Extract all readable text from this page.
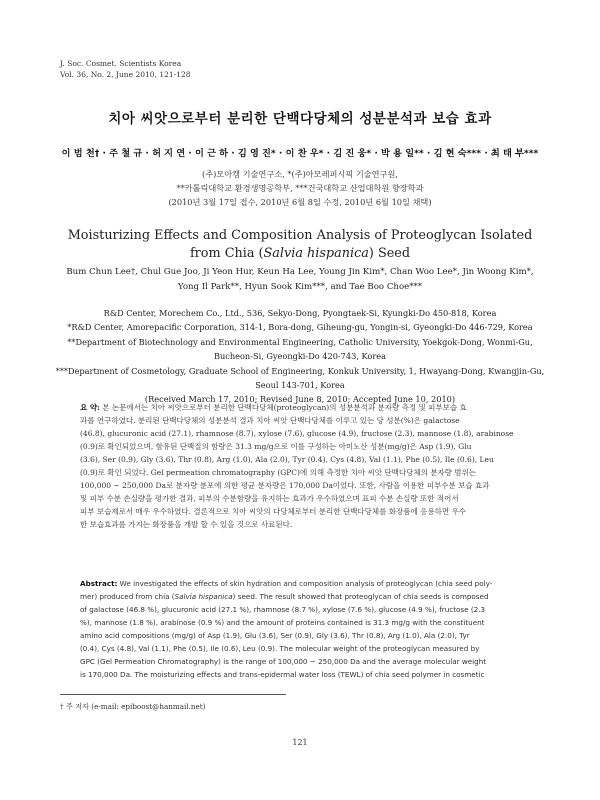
J. Soc. Cosmet. Scientists Korea
Vol. 36, No. 2, June 2010, 121-128
치아 씨앗으로부터 분리한 단백다당체의 성분분석과 보습 효과
이 범 천† · 주 철 규 · 허 지 연 · 이 근 하 · 김 영 진* · 이 찬 우* · 김 진 웅* · 박 용 일** · 김 현 숙*** · 최 태 부***
(주)모아캠 기술연구소, *(주)아모레퍼시픽 기술연구원,
**카톨릭대학교 환경생명공학부, ***건국대학교 산업대학원 향장학과
(2010년 3월 17일 접수, 2010년 6월 8일 수정, 2010년 6월 10일 채택)
Moisturizing Effects and Composition Analysis of Proteoglycan Isolated
from Chia (Salvia hispanica) Seed
Bum Chun Lee†, Chul Gue Joo, Ji Yeon Hur, Keun Ha Lee, Young Jin Kim*, Chan Woo Lee*, Jin Woong Kim*,
Yong Il Park**, Hyun Sook Kim***, and Tae Boo Choe***
R&D Center, Morechem Co., Ltd., 536, Sekyo-Dong, Pyongtaek-Si, Kyungki-Do 450-818, Korea
*R&D Center, Amorepacific Corporation, 314-1, Bora-dong, Giheung-gu, Yongin-si, Gyeongki-Do 446-729, Korea
**Department of Biotechnology and Environmental Engineering, Catholic University, Yoekgok-Dong, Wonmi-Gu,
Bucheon-Si, Gyeongki-Do 420-743, Korea
***Department of Cosmetology, Graduate School of Engineering, Konkuk University, 1, Hwayang-Dong, Kwangjin-Gu,
Seoul 143-701, Korea
(Received March 17, 2010; Revised June 8, 2010; Accepted June 10, 2010)
요 약: 본 논문에서는 치아 씨앗으로부터 분리한 단백다당체(proteoglycan)의 성분분석과 분자량 측정 및 피부보습 효
과를 연구하였다. 분리된 단백다당체의 성분분석 결과 치아 씨앗 단백다당체를 이루고 있는 당 성분(%)은 galactose
(46.8), glucuronic acid (27.1), rhamnose (8.7), xylose (7.6), glucose (4.9), fructose (2.3), mannose (1.8), arabinose
(0.9)로 확인되었으며, 함유된 단백질의 함량은 31.3 mg/g으로 이를 구성하는 아미노산 성분(mg/g)은 Asp (1.9), Glu
(3.6), Ser (0.9), Gly (3.6), Thr (0.8), Arg (1.0), Ala (2.0), Tyr (0.4), Cys (4.8), Val (1.1), Phe (0.5), Ile (0.6), Leu
(0.9)로 확인 되었다. Gel permeation chromatography (GPC)에 의해 측정한 치아 씨앗 단백다당체의 분자량 범위는
100,000 ~ 250,000 Da로 분자량 분포에 의한 평균 분자량은 170,000 Da이었다. 또한, 사람을 이용한 피부수분 보습 효과
및 피부 수분 손실량을 평가한 결과, 피부의 수분함량을 유지하는 효과가 우수하였으며 표피 수분 손실량 또한 적어서
피부 보습제로서 매우 우수하였다. 결론적으로 치아 씨앗의 다당체로부터 분리한 단백다당체를 화장품에 응용하면 우수
한 보습효과를 가지는 화장품을 개발 할 수 있을 것으로 사료된다.
Abstract: We investigated the effects of skin hydration and composition analysis of proteoglycan (chia seed poly-
mer) produced from chia (Salvia hispanica) seed. The result showed that proteoglycan of chia seeds is composed
of galactose (46.8 %), glucuronic acid (27.1 %), rhamnose (8.7 %), xylose (7.6 %), glucose (4.9 %), fructose (2.3
%), mannose (1.8 %), arabinose (0.9 %) and the amount of proteins contained is 31.3 mg/g with the constituent
amino acid compositions (mg/g) of Asp (1.9), Glu (3.6), Ser (0.9), Gly (3.6), Thr (0.8), Arg (1.0), Ala (2.0), Tyr
(0.4), Cys (4.8), Val (1.1), Phe (0.5), Ile (0.6), Leu (0.9). The molecular weight of the proteoglycan measured by
GPC (Gel Permeation Chromatography) is the range of 100,000 ~ 250,000 Da and the average molecular weight
is 170,000 Da. The moisturizing effects and trans-epidermal water loss (TEWL) of chia seed polymer in cosmetic
† 주 저자 (e-mail: epiboost@hanmail.net)
121
